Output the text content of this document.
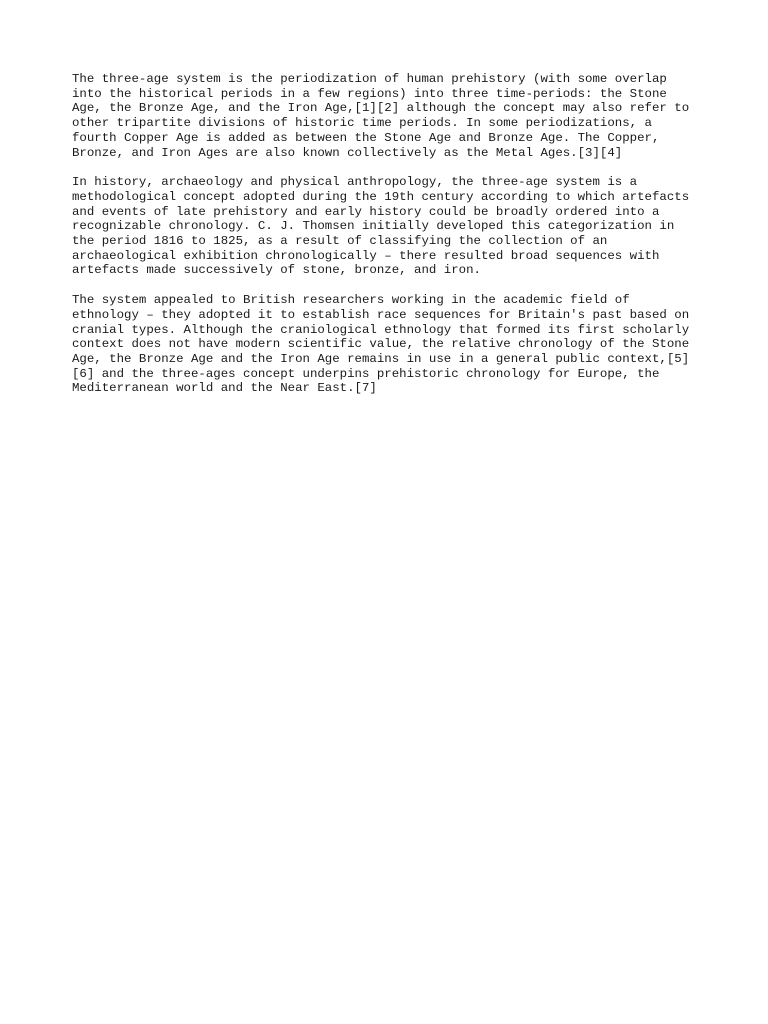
The three-age system is the periodization of human prehistory (with some overlap
into the historical periods in a few regions) into three time-periods: the Stone
Age, the Bronze Age, and the Iron Age,[1][2] although the concept may also refer to
other tripartite divisions of historic time periods. In some periodizations, a
fourth Copper Age is added as between the Stone Age and Bronze Age. The Copper,
Bronze, and Iron Ages are also known collectively as the Metal Ages.[3][4]
In history, archaeology and physical anthropology, the three-age system is a
methodological concept adopted during the 19th century according to which artefacts
and events of late prehistory and early history could be broadly ordered into a
recognizable chronology. C. J. Thomsen initially developed this categorization in
the period 1816 to 1825, as a result of classifying the collection of an
archaeological exhibition chronologically – there resulted broad sequences with
artefacts made successively of stone, bronze, and iron.
The system appealed to British researchers working in the academic field of
ethnology – they adopted it to establish race sequences for Britain's past based on
cranial types. Although the craniological ethnology that formed its first scholarly
context does not have modern scientific value, the relative chronology of the Stone
Age, the Bronze Age and the Iron Age remains in use in a general public context,[5]
[6] and the three-ages concept underpins prehistoric chronology for Europe, the
Mediterranean world and the Near East.[7]
